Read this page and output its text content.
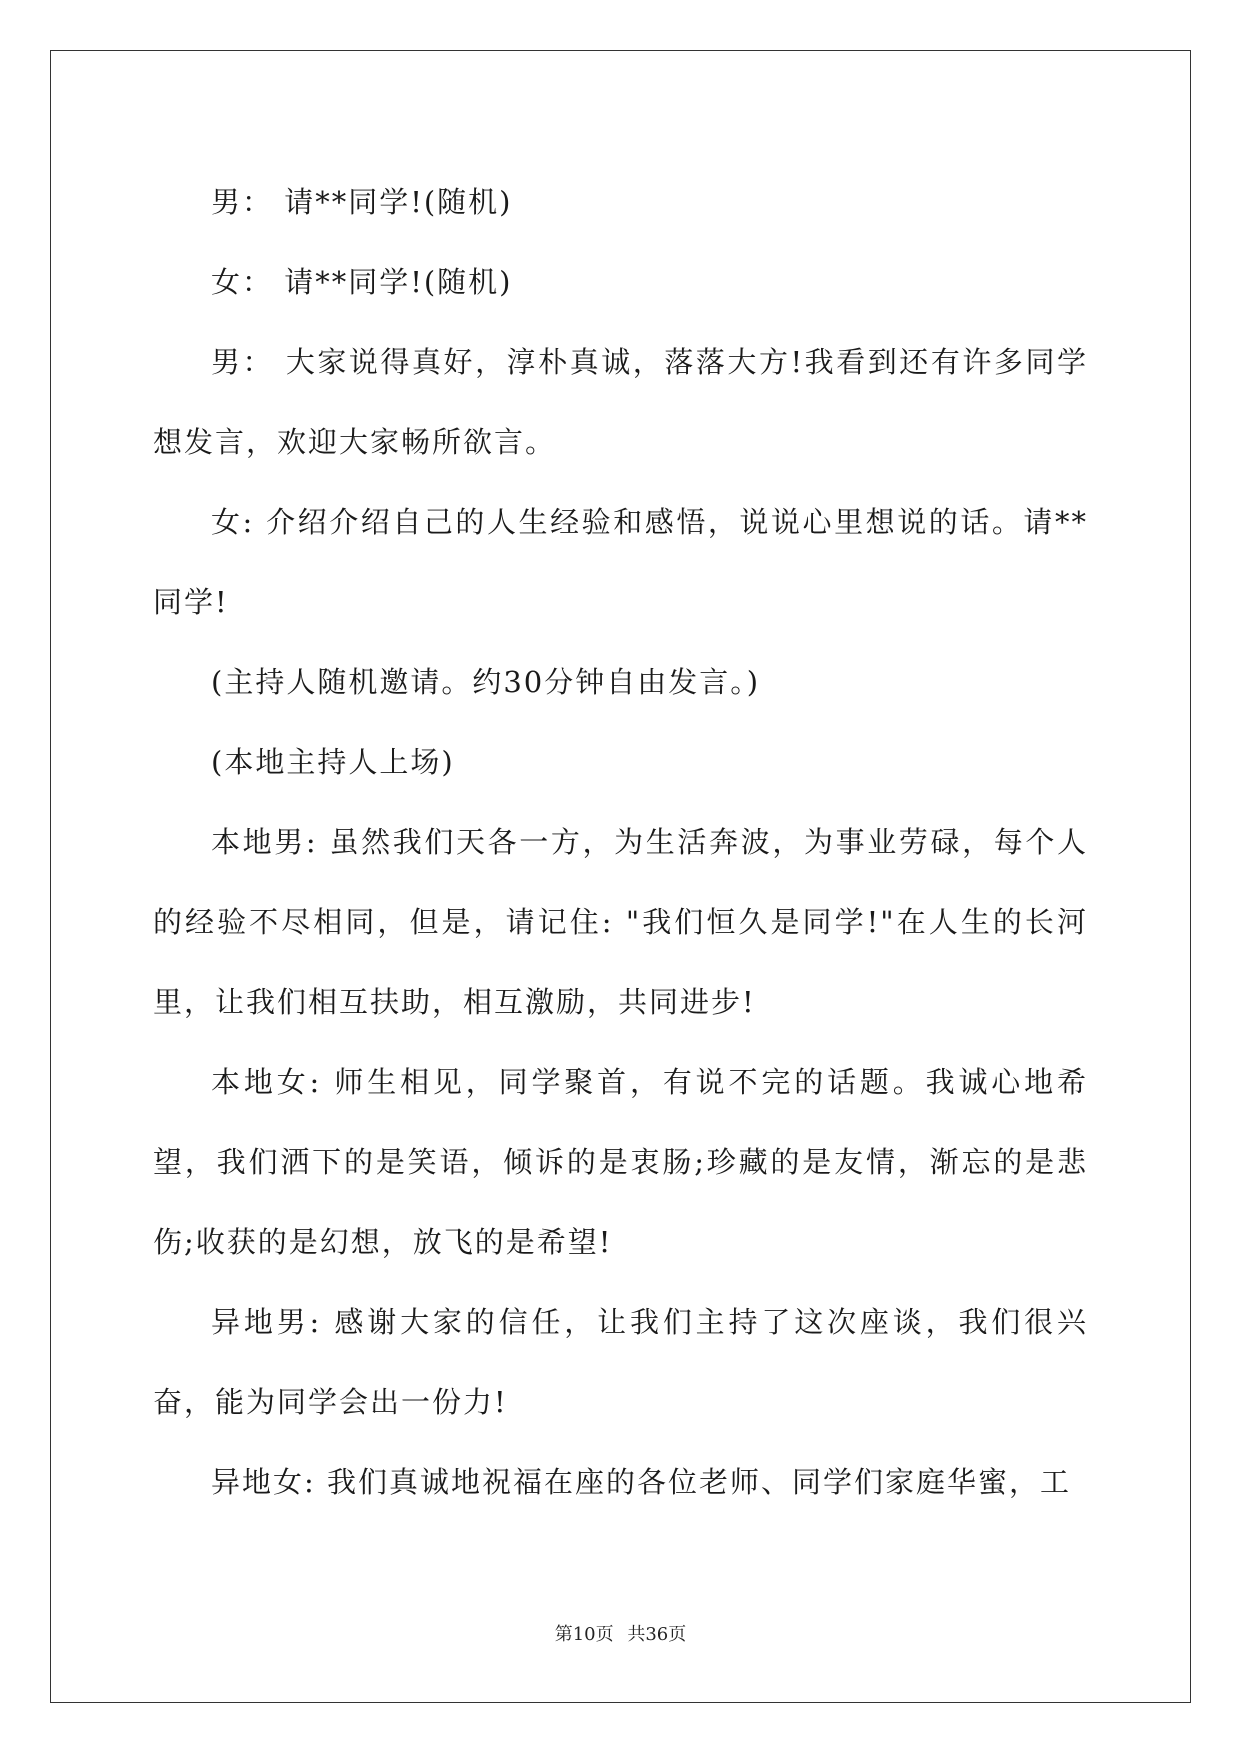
男： 请**同学!(随机)

女： 请**同学!(随机)

男： 大家说得真好，淳朴真诚，落落大方!我看到还有许多同学想发言，欢迎大家畅所欲言。

女: 介绍介绍自己的人生经验和感悟，说说心里想说的话。请**同学!

(主持人随机邀请。约30分钟自由发言。)

(本地主持人上场)

本地男: 虽然我们天各一方，为生活奔波，为事业劳碌，每个人的经验不尽相同，但是，请记住: "我们恒久是同学!"在人生的长河里，让我们相互扶助，相互激励，共同进步!

本地女: 师生相见，同学聚首，有说不完的话题。我诚心地希望，我们洒下的是笑语，倾诉的是衷肠;珍藏的是友情，渐忘的是悲伤;收获的是幻想，放飞的是希望!

异地男: 感谢大家的信任，让我们主持了这次座谈，我们很兴奋，能为同学会出一份力!

异地女: 我们真诚地祝福在座的各位老师、同学们家庭华蜜，工

第10页 共36页
